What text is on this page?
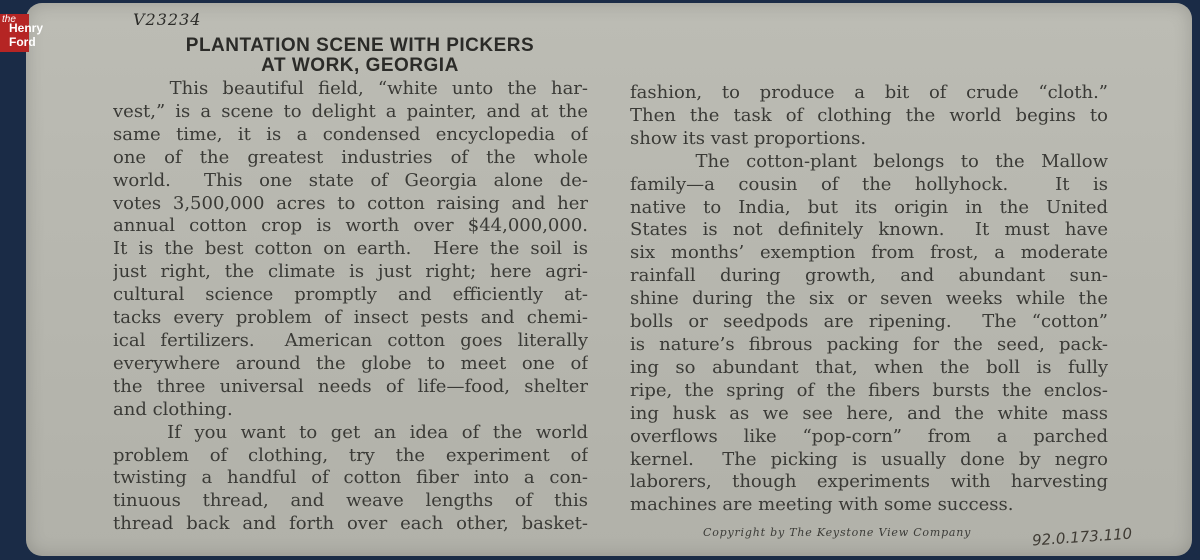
the
Henry
Ford
V23234
PLANTATION SCENE WITH PICKERS
AT WORK, GEORGIA
This beautiful field, “white unto the har-
vest,” is a scene to delight a painter, and at the
same time, it is a condensed encyclopedia of
one of the greatest industries of the whole
world.  This one state of Georgia alone de-
votes 3,500,000 acres to cotton raising and her
annual cotton crop is worth over $44,000,000.
It is the best cotton on earth.  Here the soil is
just right, the climate is just right; here agri-
cultural science promptly and efficiently at-
tacks every problem of insect pests and chemi-
ical fertilizers.  American cotton goes literally
everywhere around the globe to meet one of
the three universal needs of life—food, shelter
and clothing.
If you want to get an idea of the world
problem of clothing, try the experiment of
twisting a handful of cotton fiber into a con-
tinuous thread, and weave lengths of this
thread back and forth over each other, basket-
fashion, to produce a bit of crude “cloth.”
Then the task of clothing the world begins to
show its vast proportions.
The cotton-plant belongs to the Mallow
family—a cousin of the hollyhock.  It is
native to India, but its origin in the United
States is not definitely known.  It must have
six months’ exemption from frost, a moderate
rainfall during growth, and abundant sun-
shine during the six or seven weeks while the
bolls or seedpods are ripening.  The “cotton”
is nature’s fibrous packing for the seed, pack-
ing so abundant that, when the boll is fully
ripe, the spring of the fibers bursts the enclos-
ing husk as we see here, and the white mass
overflows like “pop-corn” from a parched
kernel.  The picking is usually done by negro
laborers, though experiments with harvesting
machines are meeting with some success.
Copyright by The Keystone View Company	92.0.173.110
